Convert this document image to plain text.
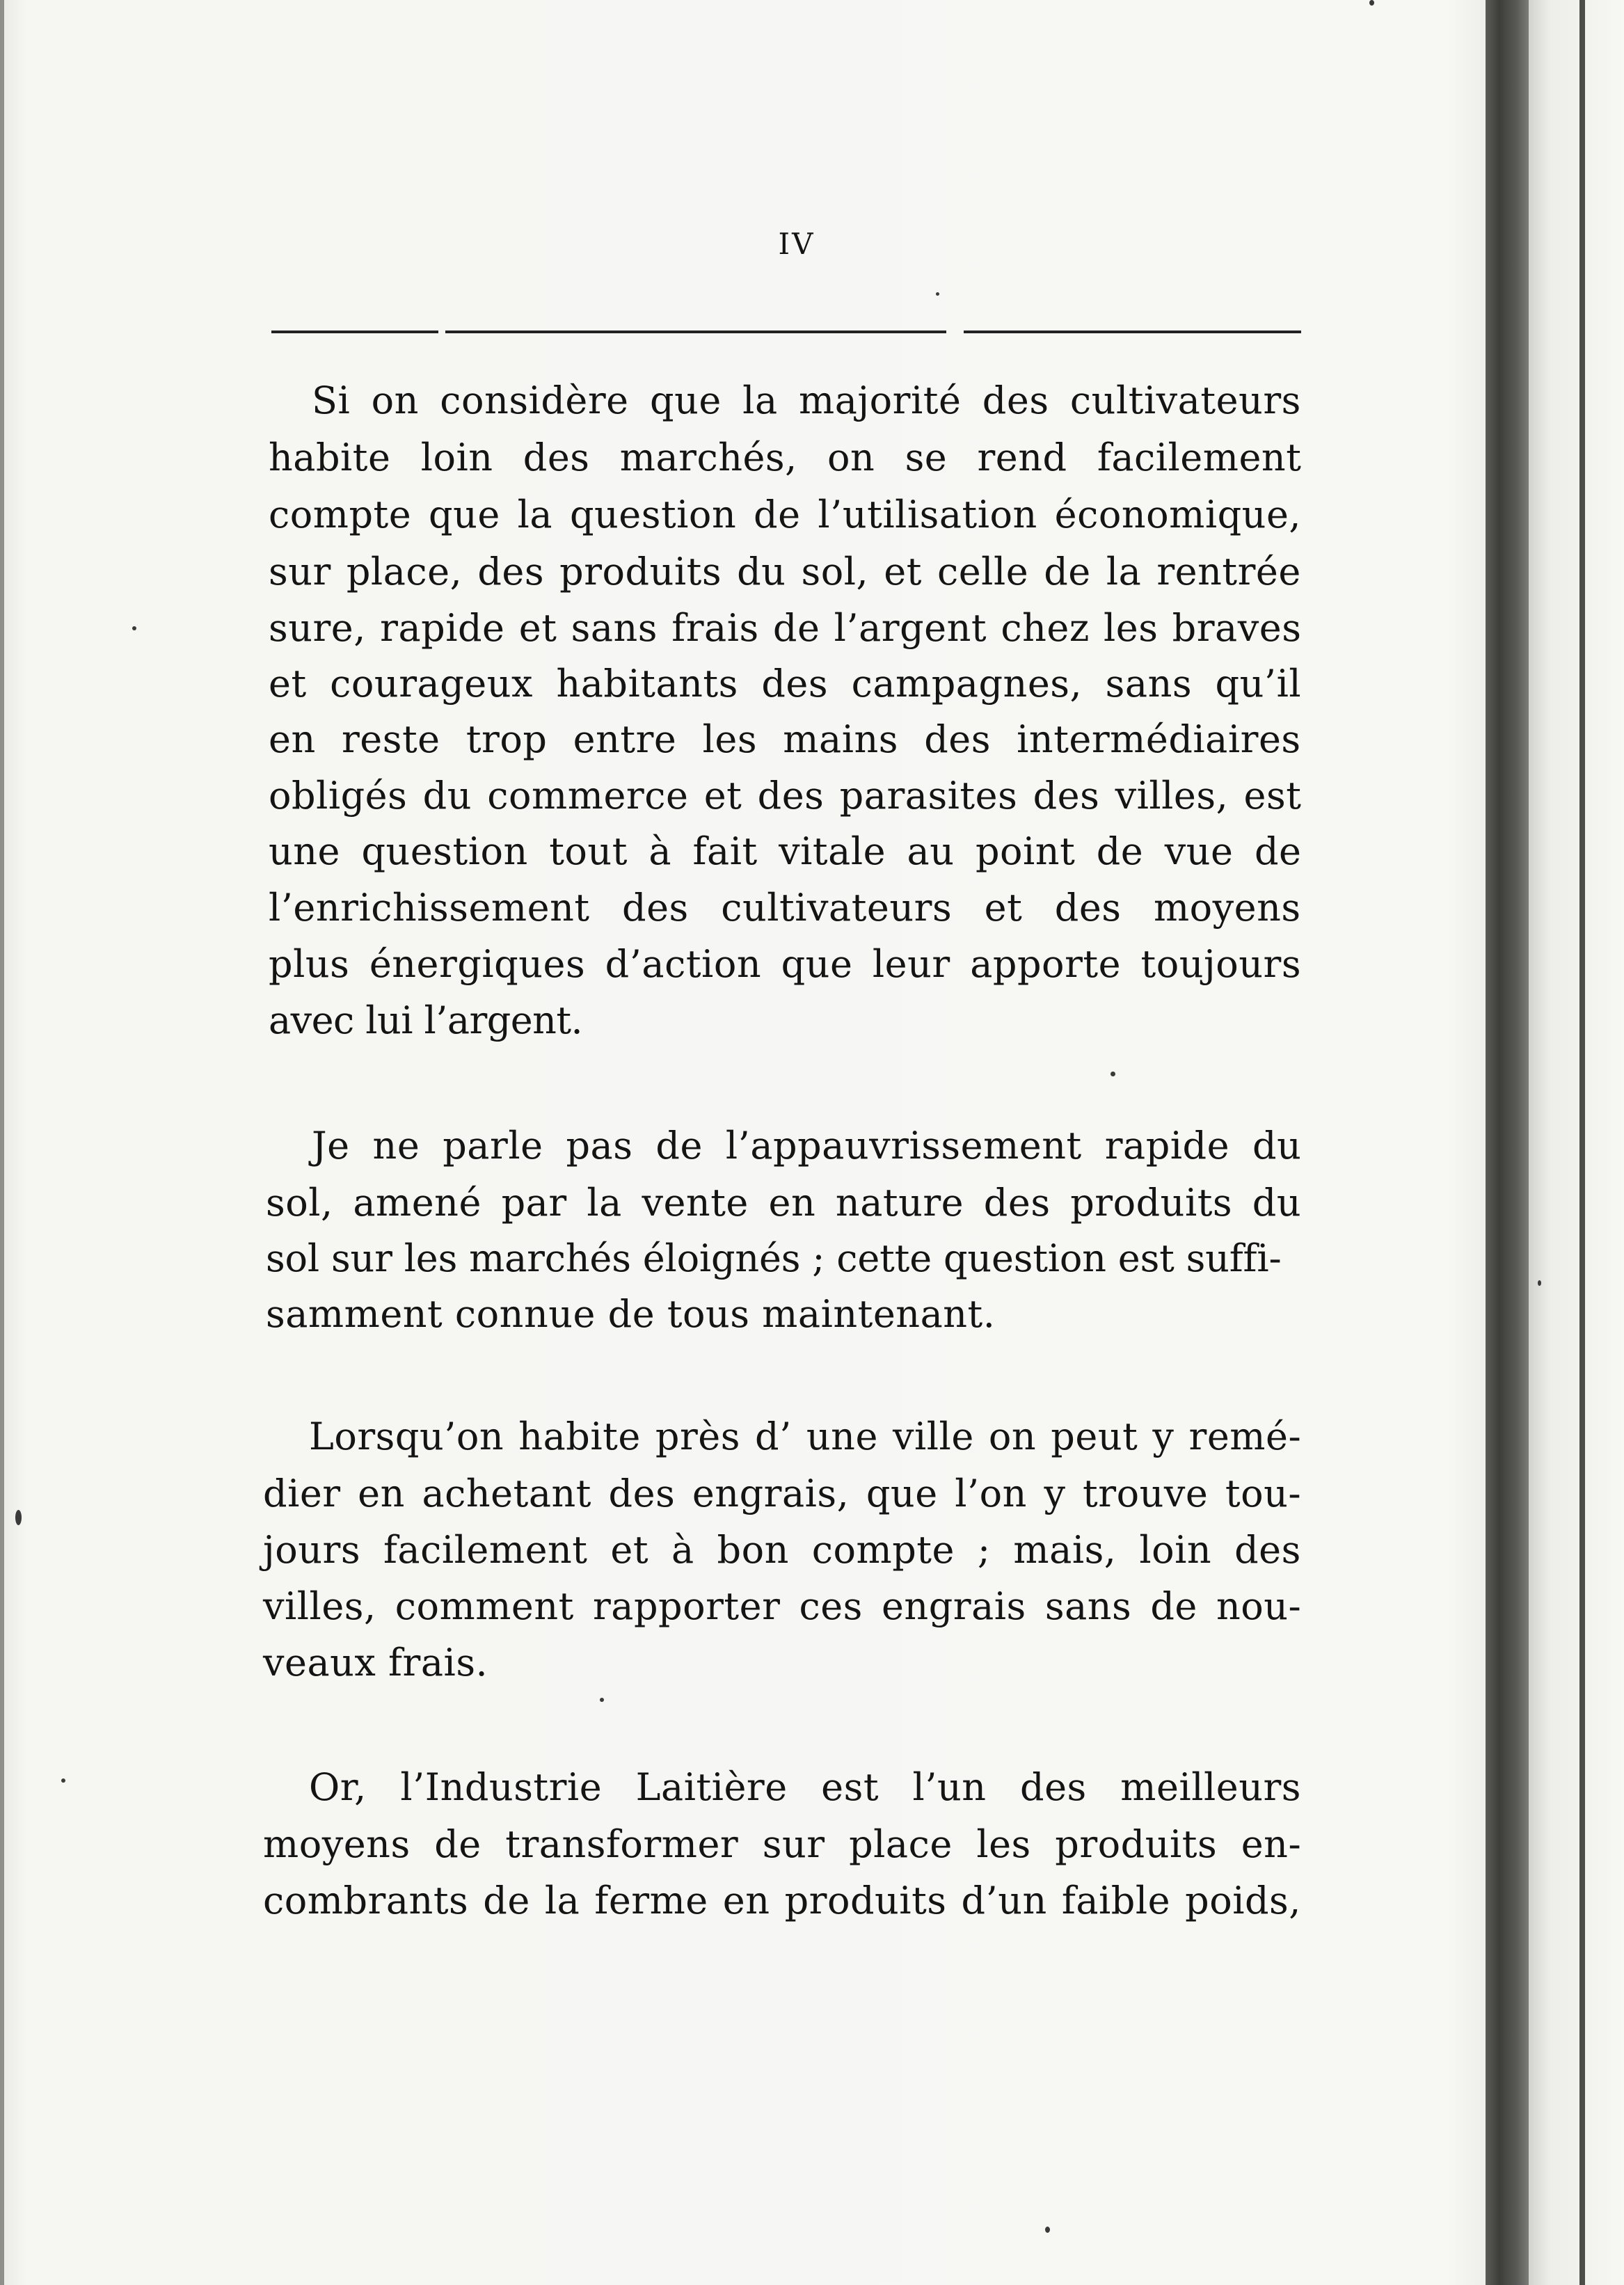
IV
Si on considère que la majorité des cultivateurs
habite loin des marchés, on se rend facilement
compte que la question de l’utilisation économique,
sur place, des produits du sol, et celle de la rentrée
sure, rapide et sans frais de l’argent chez les braves
et courageux habitants des campagnes, sans qu’il
en reste trop entre les mains des intermédiaires
obligés du commerce et des parasites des villes, est
une question tout à fait vitale au point de vue de
l’enrichissement des cultivateurs et des moyens
plus énergiques d’action que leur apporte toujours
avec lui l’argent.
Je ne parle pas de l’appauvrissement rapide du
sol, amené par la vente en nature des produits du
sol sur les marchés éloignés ; cette question est suffi-
samment connue de tous maintenant.
Lorsqu’on habite près d’ une ville on peut y remé-
dier en achetant des engrais, que l’on y trouve tou-
jours facilement et à bon compte ; mais, loin des
villes, comment rapporter ces engrais sans de nou-
veaux frais.
Or, l’Industrie Laitière est l’un des meilleurs
moyens de transformer sur place les produits en-
combrants de la ferme en produits d’un faible poids,
